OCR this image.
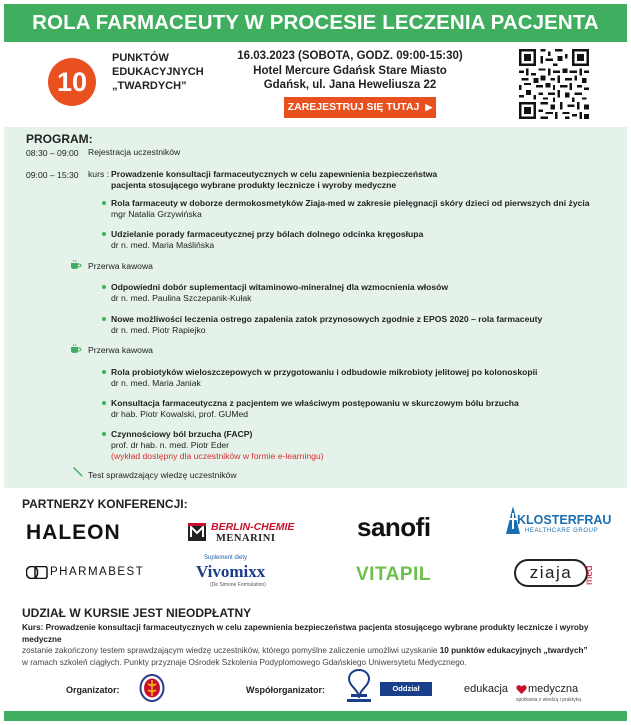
ROLA FARMACEUTY W PROCESIE LECZENIA PACJENTA
10
PUNKTÓW
EDUKACYJNYCH
„TWARDYCH”
16.03.2023 (SOBOTA, GODZ. 09:00-15:30)
Hotel Mercure Gdańsk Stare Miasto
Gdańsk, ul. Jana Heweliusza 22
ZAREJESTRUJ SIĘ TUTAJ ▶
PROGRAM:
08:30 – 09:00 Rejestracja uczestników
09:00 – 15:30 kurs : Prowadzenie konsultacji farmaceutycznych w celu zapewnienia bezpieczeństwa
pacjenta stosującego wybrane produkty lecznicze i wyroby medyczne
Rola farmaceuty w doborze dermokosmetyków Ziaja-med w zakresie pielęgnacji skóry dzieci od pierwszych dni życia
mgr Natalia Grzywińska
Udzielanie porady farmaceutycznej przy bólach dolnego odcinka kręgosłupa
dr n. med. Maria Maślińska
Przerwa kawowa
Odpowiedni dobór suplementacji witaminowo-mineralnej dla wzmocnienia włosów
dr n. med. Paulina Szczepanik-Kułak
Nowe możliwości leczenia ostrego zapalenia zatok przynosowych zgodnie z EPOS 2020 – rola farmaceuty
dr n. med. Piotr Rapiejko
Przerwa kawowa
Rola probiotyków wieloszczepowych w przygotowaniu i odbudowie mikrobioty jelitowej po kolonoskopii
dr n. med. Maria Janiak
Konsultacja farmaceutyczna z pacjentem we właściwym postępowaniu w skurczowym bólu brzucha
dr hab. Piotr Kowalski, prof. GUMed
Czynnościowy ból brzucha (FACP)
prof. dr hab. n. med. Piotr Eder
(wykład dostępny dla uczestników w formie e-learningu)
Test sprawdzający wiedzę uczestników
PARTNERZY KONFERENCJI:
HALEON	BERLIN-CHEMIE
MENARINI	sanofi	KLOSTERFRAU
HEALTHCARE GROUP
PHARMABEST
Suplement diety
Vivomixx
(De Simone Formulation)	VITAPIL	ziaja	med
UDZIAŁ W KURSIE JEST NIEODPŁATNY
Kurs: Prowadzenie konsultacji farmaceutycznych w celu zapewnienia bezpieczeństwa pacjenta stosującego wybrane produkty lecznicze i wyroby medyczne
zostanie zakończony testem sprawdzającym wiedzę uczestników, którego pomyślne zaliczenie umożliwi uzyskanie 10 punktów edukacyjnych „twardych”
w ramach szkoleń ciągłych. Punkty przyznaje Ośrodek Szkolenia Podyplomowego Gdańskiego Uniwersytetu Medycznego.
Organizator:	Współorganizator:	Oddział Gdańsk
edukacja medyczna
spotkania z wiedzą i praktyką
